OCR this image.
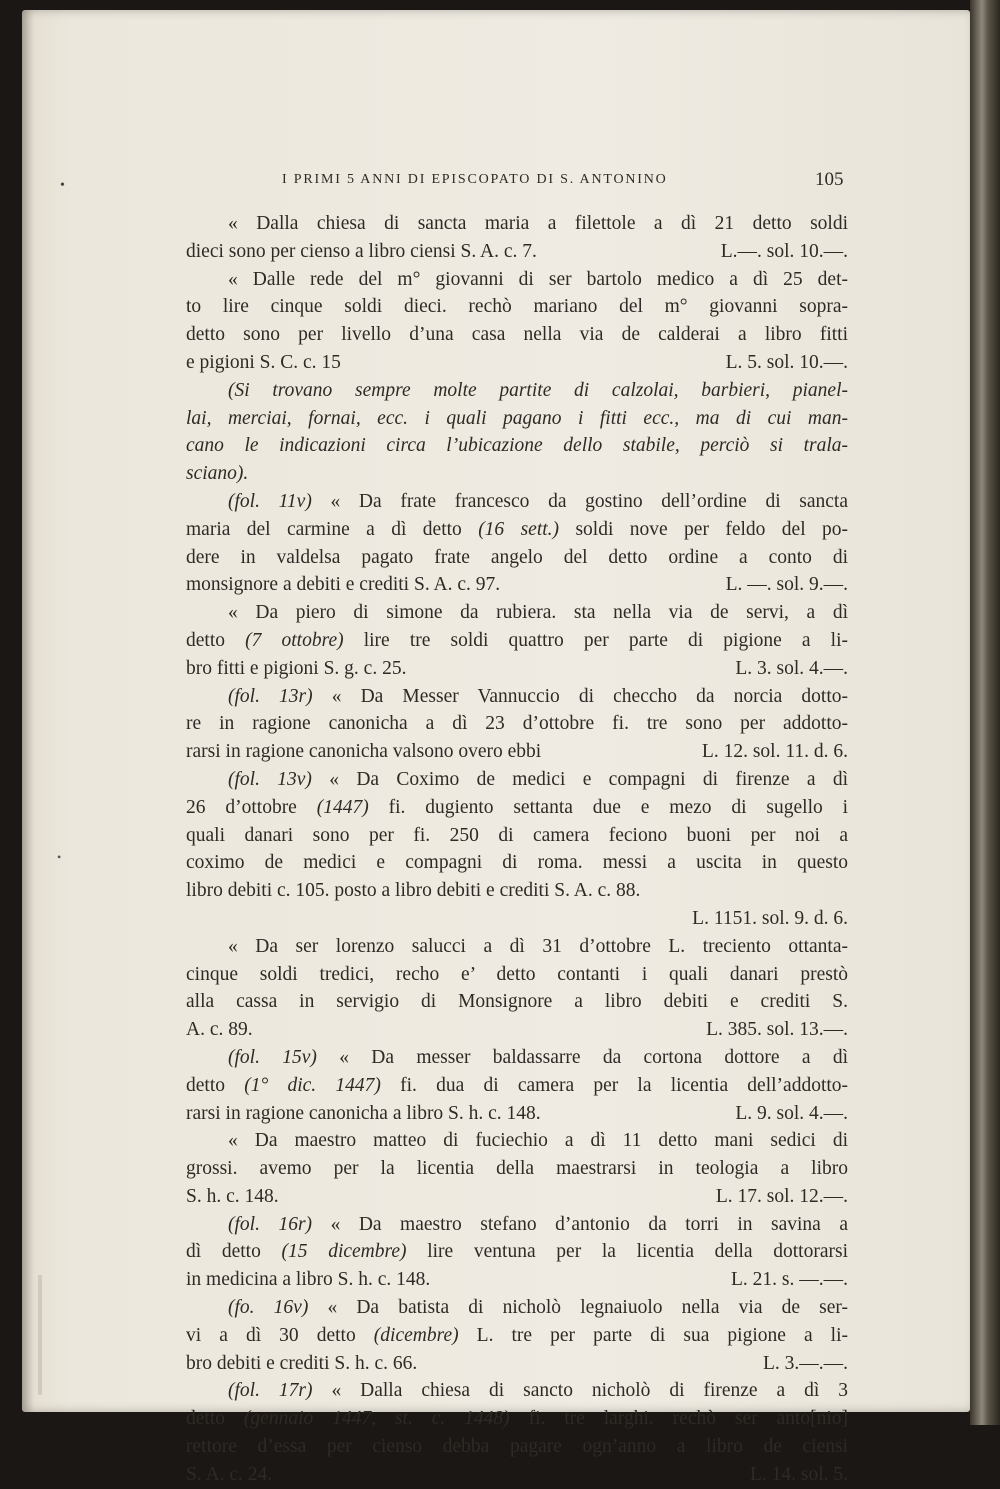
•
•
I PRIMI 5 ANNI DI EPISCOPATO DI S. ANTONINO	105
« Dalla chiesa di sancta maria a filettole a dì 21 detto soldi
dieci sono per cienso a libro ciensi S. A. c. 7.	L.—. sol. 10.—.
« Dalle rede del m° giovanni di ser bartolo medico a dì 25 det-
to lire cinque soldi dieci. rechò mariano del m° giovanni sopra-
detto sono per livello d’una casa nella via de calderai a libro fitti
e pigioni S. C. c. 15	L. 5. sol. 10.—.
(Si trovano sempre molte partite di calzolai, barbieri, pianel-
lai, merciai, fornai, ecc. i quali pagano i fitti ecc., ma di cui man-
cano le indicazioni circa l’ubicazione dello stabile, perciò si trala-
sciano).
(fol. 11v) « Da frate francesco da gostino dell’ordine di sancta
maria del carmine a dì detto (16 sett.) soldi nove per feldo del po-
dere in valdelsa pagato frate angelo del detto ordine a conto di
monsignore a debiti e crediti S. A. c. 97.	L. —. sol. 9.—.
« Da piero di simone da rubiera. sta nella via de servi, a dì
detto (7 ottobre) lire tre soldi quattro per parte di pigione a li-
bro fitti e pigioni S. g. c. 25.	L. 3. sol. 4.—.
(fol. 13r) « Da Messer Vannuccio di checcho da norcia dotto-
re in ragione canonicha a dì 23 d’ottobre fi. tre sono per addotto-
rarsi in ragione canonicha valsono overo ebbi	L. 12. sol. 11. d. 6.
(fol. 13v) « Da Coximo de medici e compagni di firenze a dì
26 d’ottobre (1447) fi. dugiento settanta due e mezo di sugello i
quali danari sono per fi. 250 di camera feciono buoni per noi a
coximo de medici e compagni di roma. messi a uscita in questo
libro debiti c. 105. posto a libro debiti e crediti S. A. c. 88.
L. 1151. sol. 9. d. 6.
« Da ser lorenzo salucci a dì 31 d’ottobre L. treciento ottanta-
cinque soldi tredici, recho e’ detto contanti i quali danari prestò
alla cassa in servigio di Monsignore a libro debiti e crediti S.
A. c. 89.	L. 385. sol. 13.—.
(fol. 15v) « Da messer baldassarre da cortona dottore a dì
detto (1° dic. 1447) fi. dua di camera per la licentia dell’addotto-
rarsi in ragione canonicha a libro S. h. c. 148.	L. 9. sol. 4.—.
« Da maestro matteo di fuciechio a dì 11 detto mani sedici di
grossi. avemo per la licentia della maestrarsi in teologia a libro
S. h. c. 148.	L. 17. sol. 12.—.
(fol. 16r) « Da maestro stefano d’antonio da torri in savina a
dì detto (15 dicembre) lire ventuna per la licentia della dottorarsi
in medicina a libro S. h. c. 148.	L. 21. s. —.—.
(fo. 16v) « Da batista di nicholò legnaiuolo nella via de ser-
vi a dì 30 detto (dicembre) L. tre per parte di sua pigione a li-
bro debiti e crediti S. h. c. 66.	L. 3.—.—.
(fol. 17r) « Dalla chiesa di sancto nicholò di firenze a dì 3
detto (gennaio 1447, st. c. 1448) fi. tre larghi. rechò ser anto[nio]
rettore d’essa per cienso debba pagare ogn’anno a libro de ciensi
S. A. c. 24.	L. 14. sol. 5.
